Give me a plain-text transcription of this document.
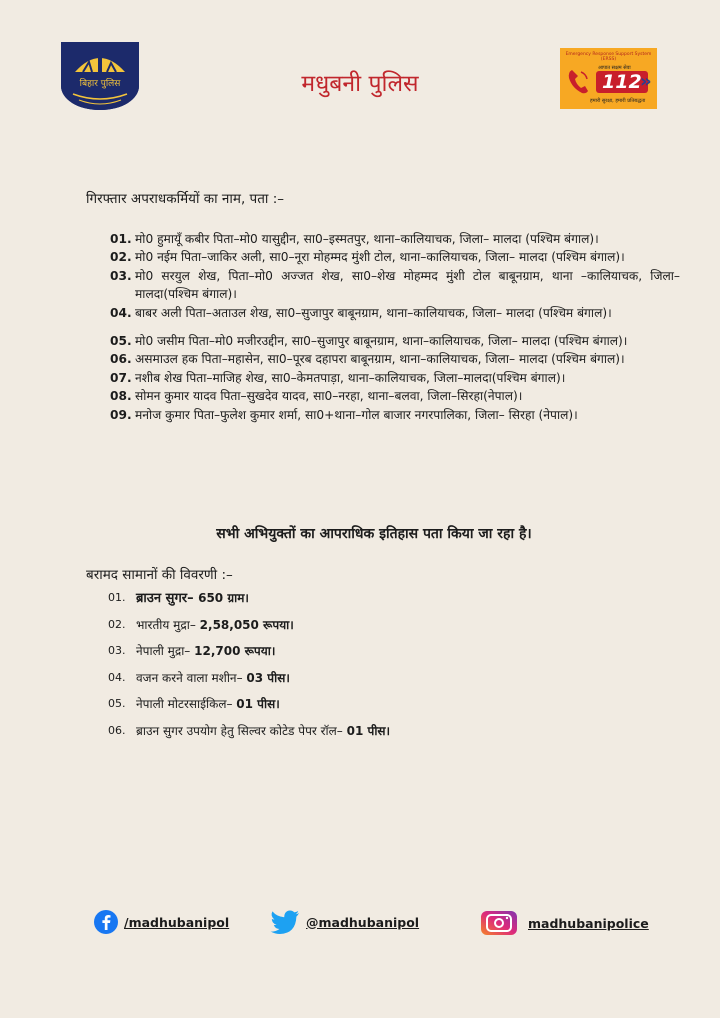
बिहार पुलिस	मधुबनी पुलिस
Emergency Response Support System (ERSS)
आपात सक्षम सेवा
112
»
हमारी सुरक्षा, हमारी प्रतिबद्धता
गिरफ्तार अपराधकर्मियों का नाम, पता :–
01. मो0 हुमायूँ कबीर पिता–मो0 यासुद्दीन, सा0–इस्मतपुर, थाना–कालियाचक, जिला– मालदा (पश्चिम बंगाल)।
02. मो0 नईम पिता–जाकिर अली, सा0–नूरा मोहम्मद मुंशी टोल, थाना–कालियाचक, जिला– मालदा (पश्चिम बंगाल)।
03. मो0 सरयुल शेख, पिता–मो0 अज्जत शेख, सा0–शेख मोहम्मद मुंशी टोल बाबूनग्राम, थाना –कालियाचक, जिला–मालदा(पश्चिम बंगाल)।
04. बाबर अली पिता–अताउल शेख, सा0–सुजापुर बाबूनग्राम, थाना–कालियाचक, जिला– मालदा (पश्चिम बंगाल)।
05. मो0 जसीम पिता–मो0 मजीरउद्दीन, सा0–सुजापुर बाबूनग्राम, थाना–कालियाचक, जिला– मालदा (पश्चिम बंगाल)।
06. असमाउल हक पिता–महासेन, सा0–पूरब दहापरा बाबूनग्राम, थाना–कालियाचक, जिला– मालदा (पश्चिम बंगाल)।
07. नशीब शेख पिता–माजिह शेख, सा0–केमतपाड़ा, थाना–कालियाचक, जिला–मालदा(पश्चिम बंगाल)।
08. सोमन कुमार यादव पिता–सुखदेव यादव, सा0–नरहा, थाना–बलवा, जिला–सिरहा(नेपाल)।
09. मनोज कुमार पिता–फुलेश कुमार शर्मा, सा0+थाना–गोल बाजार नगरपालिका, जिला– सिरहा (नेपाल)।
सभी अभियुक्तों का आपराधिक इतिहास पता किया जा रहा है।
बरामद सामानों की विवरणी :–
01. ब्राउन सुगर– 650 ग्राम।
02. भारतीय मुद्रा– 2,58,050 रूपया।
03. नेपाली मुद्रा– 12,700 रूपया।
04. वजन करने वाला मशीन– 03 पीस।
05. नेपाली मोटरसाईकिल– 01 पीस।
06. ब्राउन सुगर उपयोग हेतु सिल्वर कोटेड पेपर रॉल– 01 पीस।
/madhubanipol	@madhubanipol	madhubanipolice
